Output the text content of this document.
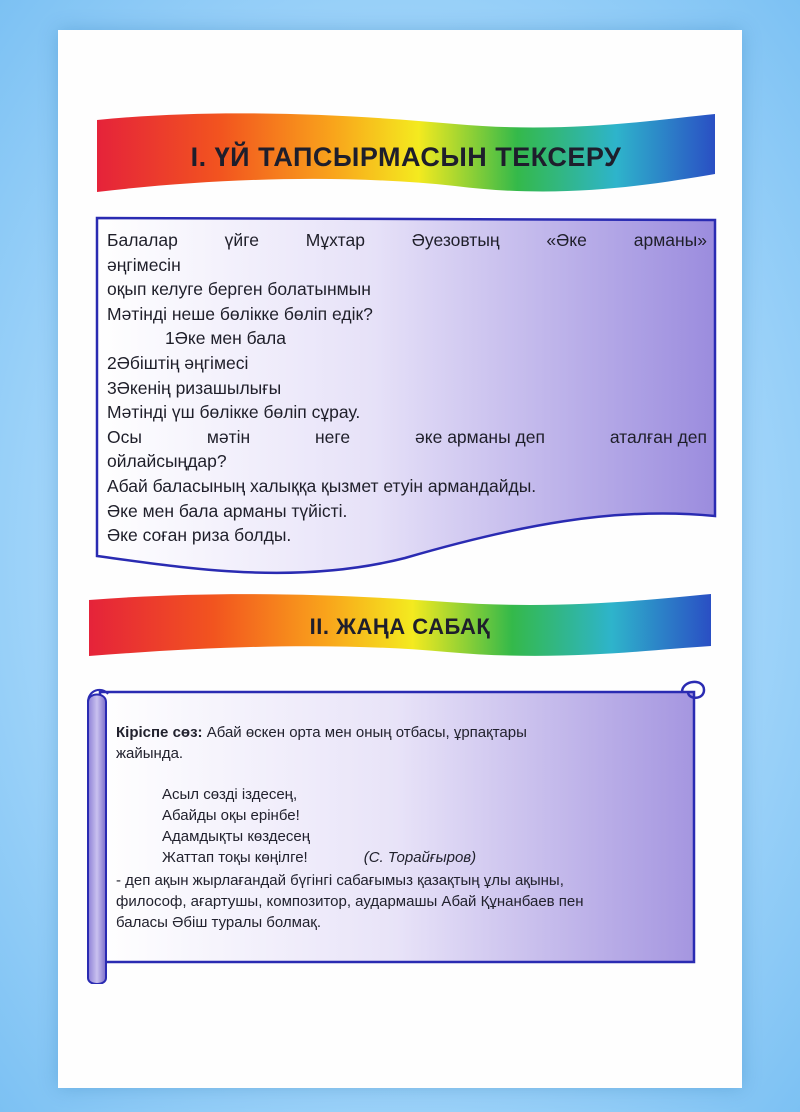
I. ҮЙ ТАПСЫРМАСЫН ТЕКСЕРУ
Балалар	үйге	Мұхтар	Әуезовтың	«Әке	арманы»
әңгімесін
оқып келуге берген болатынмын
Мәтінді неше бөлікке бөліп едік?
1Әке мен бала
2Әбіштің әңгімесі
3Әкенің ризашылығы
Мәтінді үш бөлікке бөліп сұрау.
Осы	мәтін	неге	әке арманы деп	аталған деп
ойлайсыңдар?
Абай баласының халыққа қызмет етуін армандайды.
Әке мен бала арманы түйісті.
Әке соған риза болды.
II. ЖАҢА САБАҚ
Кіріспе сөз: Абай өскен орта мен оның отбасы, ұрпақтары
жайында.
Асыл сөзді іздесең,
Абайды оқы ерінбе!
Адамдықты көздесең
Жаттап тоқы көңілге!	(С. Торайғыров)
- деп ақын жырлағандай бүгінгі сабағымыз қазақтың ұлы ақыны,
философ, ағартушы, композитор, аудармашы Абай Құнанбаев пен
баласы Әбіш туралы болмақ.
